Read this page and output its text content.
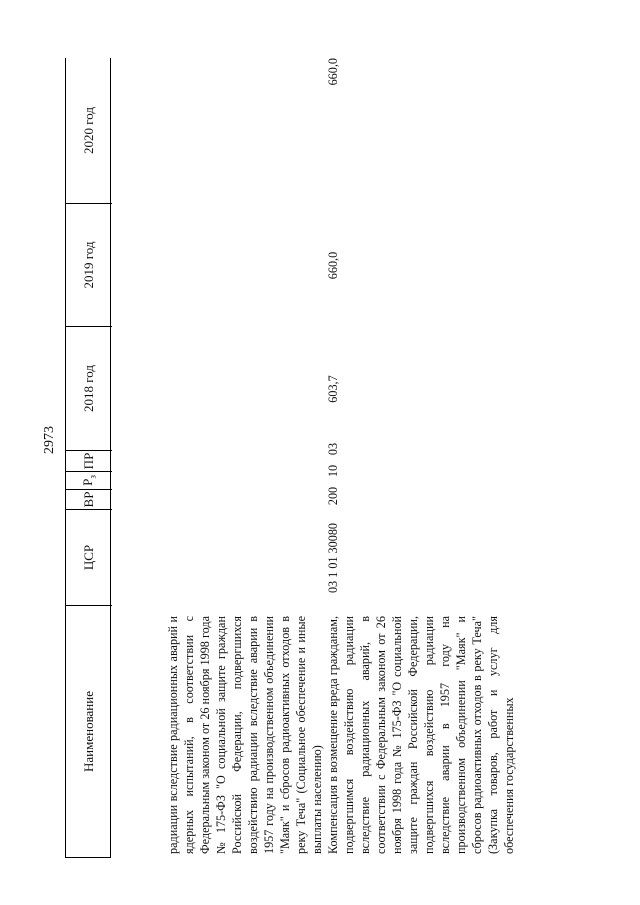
2973
Наименование
ЦСР
ВР
$Р_з$
ПР
2018 год
2019 год
2020 год
радиации вследствие радиационных аварий и ядерных испытаний, в соответствии с Федеральным законом от 26 ноября 1998 года № 175-ФЗ "О социальной защите граждан Российской Федерации, подвергшихся воздействию радиации вследствие аварии в 1957 году на производственном объединении "Маяк" и сбросов радиоактивных отходов в реку Теча" (Социальное обеспечение и иные выплаты населению) Компенсация в возмещение вреда гражданам, подвергшимся воздействию радиации вследствие радиационных аварий, в соответствии с Федеральным законом от 26 ноября 1998 года № 175-ФЗ "О социальной защите граждан Российской Федерации, подвергшихся воздействию радиации вследствие аварии в 1957 году на производственном объединении "Маяк" и сбросов радиоактивных отходов в реку Теча" (Закупка товаров, работ и услуг для обеспечения государственных
03 1 01 30080
200
10
03
603,7
660,0
660,0
